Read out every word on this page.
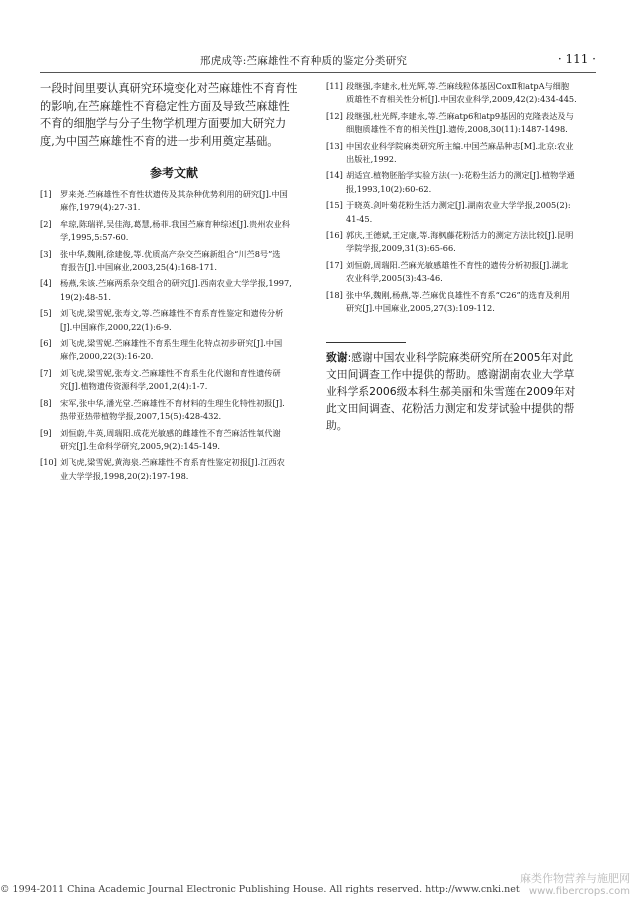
邢虎成等:苎麻雄性不育种质的鉴定分类研究	· 111 ·

一段时间里要认真研究环境变化对苎麻雄性不育育性
的影响,在苎麻雄性不育稳定性方面及导致苎麻雄性
不育的细胞学与分子生物学机理方面要加大研究力
度,为中国苎麻雄性不育的进一步利用奠定基础。

参考文献
[1]	罗来尧.苎麻雄性不育性状遗传及其杂种优势利用的研究[J].中国
麻作,1979(4):27-31.
[2]	牟琼,陈瑞祥,吴佳海,葛慧,杨菲.我国苎麻育种综述[J].贵州农业科
学,1995,5:57-60.
[3]	张中华,魏刚,徐建俊,等.优质高产杂交苎麻新组合“川苎8号”选
育报告[J].中国麻业,2003,25(4):168-171.
[4]	杨燕,朱该.苎麻两系杂交组合的研究[J].西南农业大学学报,1997,
19(2):48-51.
[5]	刘飞虎,梁雪妮,张寿文,等.苎麻雄性不育系育性鉴定和遗传分析
[J].中国麻作,2000,22(1):6-9.
[6]	刘飞虎,梁雪妮.苎麻雄性不育系生理生化特点初步研究[J].中国
麻作,2000,22(3):16-20.
[7]	刘飞虎,梁雪妮,张寿文.苎麻雄性不育系生化代谢和育性遗传研
究[J].植物遗传资源科学,2001,2(4):1-7.
[8]	宋军,张中华,潘光堂.苎麻雄性不育材料的生理生化特性初报[J].
热带亚热带植物学报,2007,15(5):428-432.
[9]	刘恒蔚,牛英,周瑞阳.成花光敏感的雌雄性不育苎麻活性氧代谢
研究[J].生命科学研究,2005,9(2):145-149.
[10] 刘飞虎,梁雪妮,黄海泉.苎麻雄性不育系育性鉴定初报[J].江西农
业大学学报,1998,20(2):197-198.
[11] 段继强,李建永,杜光辉,等.苎麻线粒体基因CoxⅡ和atpA与细胞
质雄性不育相关性分析[J].中国农业科学,2009,42(2):434-445.
[12] 段继强,杜光辉,李建永,等.苎麻atp6和atp9基因的克隆表达及与
细胞质雄性不育的相关性[J].遗传,2008,30(11):1487-1498.
[13] 中国农业科学院麻类研究所主编.中国苎麻品种志[M].北京:农业
出版社,1992.
[14] 胡适宜.植物胚胎学实验方法(一):花粉生活力的测定[J].植物学通
报,1993,10(2):60-62.
[15] 于晓英.剑叶菊花粉生活力测定[J].湖南农业大学学报,2005(2):
41-45.
[16] 郭庆,王德斌,王定康,等.海枫藤花粉活力的测定方法比较[J].昆明
学院学报,2009,31(3):65-66.
[17] 刘恒蔚,周瑞阳.苎麻光敏感雄性不育性的遗传分析初报[J].湖北
农业科学,2005(3):43-46.
[18] 张中华,魏刚,杨燕,等.苎麻优良雄性不育系“C26”的选育及利用
研究[J].中国麻业,2005,27(3):109-112.
致谢:感谢中国农业科学院麻类研究所在2005年对此
文田间调查工作中提供的帮助。感谢湖南农业大学草
业科学系2006级本科生郝美丽和朱雪莲在2009年对
此文田间调查、花粉活力测定和发芽试验中提供的帮
助。
© 1994-2011 China Academic Journal Electronic Publishing House. All rights reserved. http://www.cnki.net
麻类作物营养与施肥网
www.fibercrops.com
